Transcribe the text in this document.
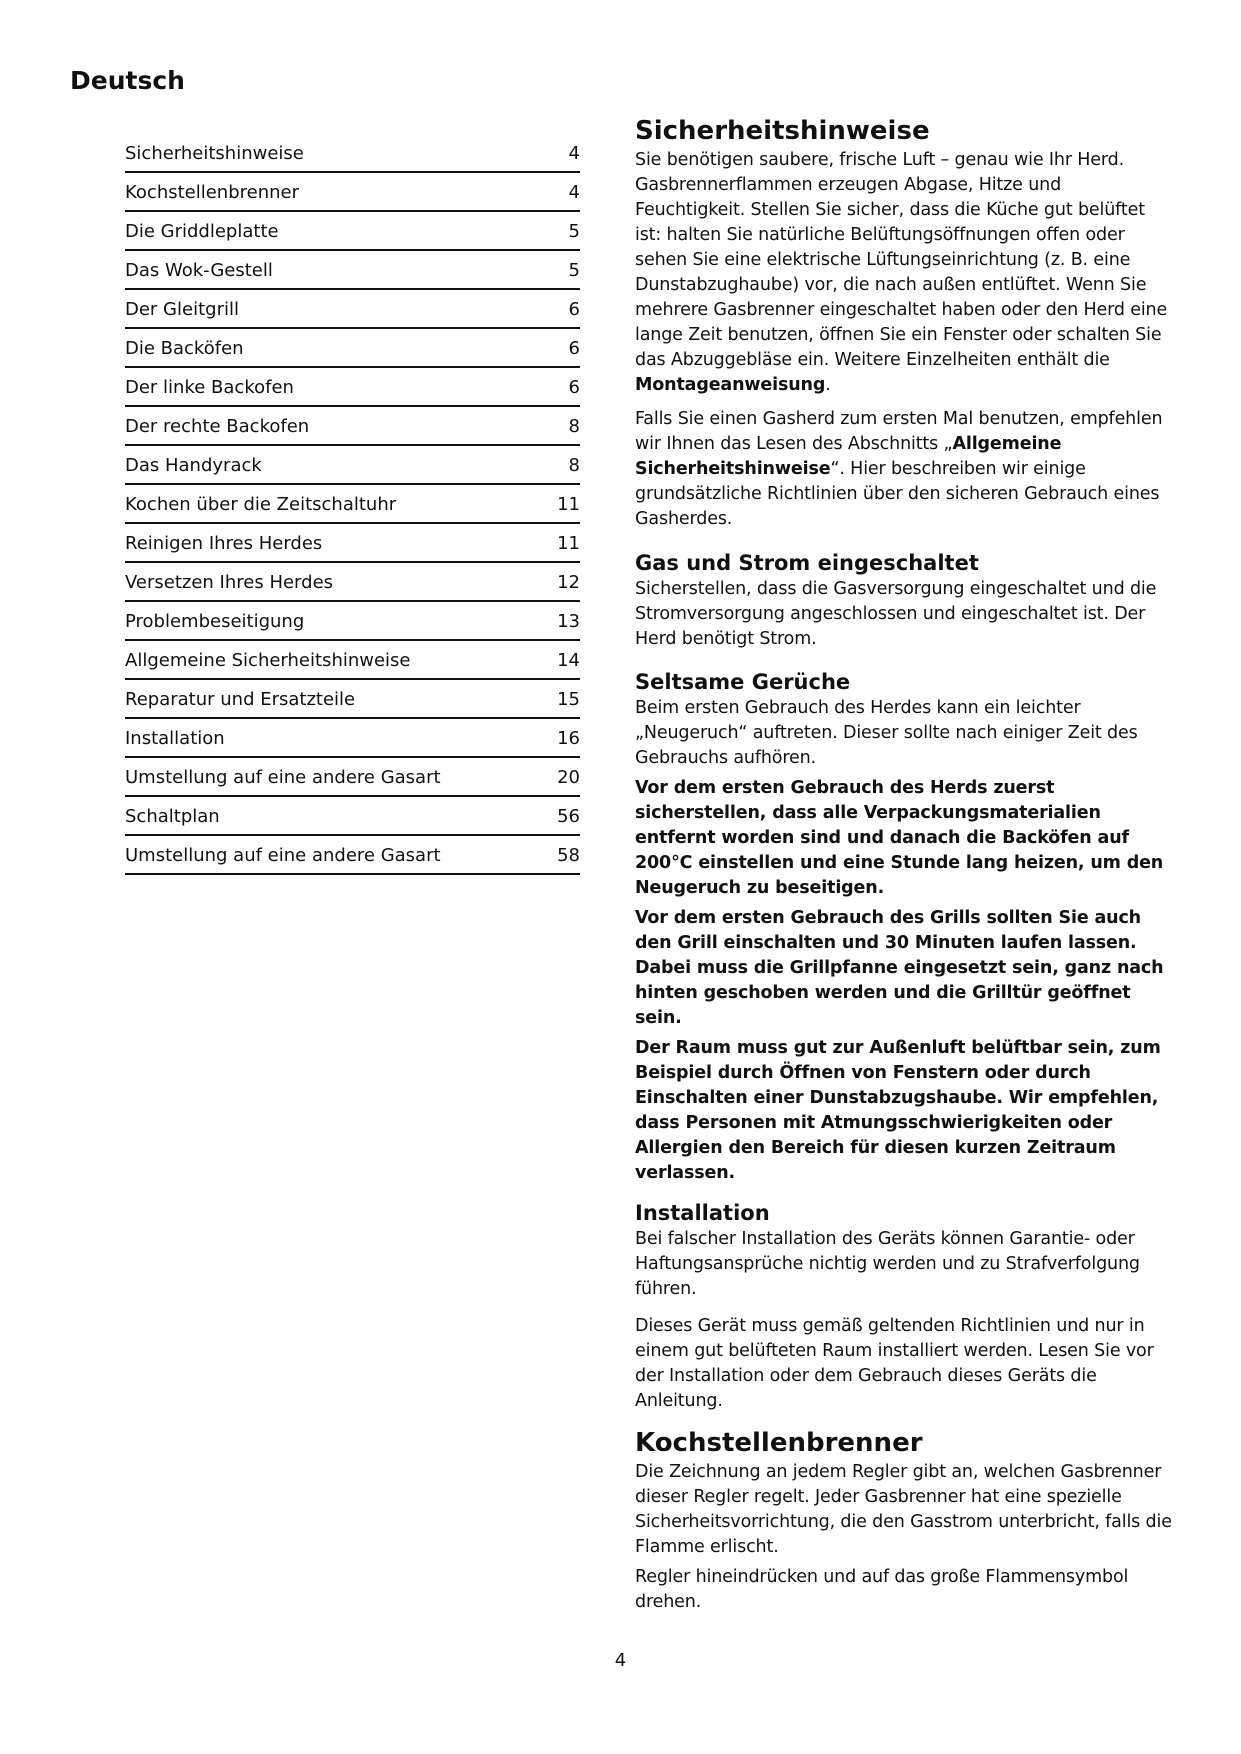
Deutsch
Sicherheitshinweise	4
Kochstellenbrenner	4
Die Griddleplatte	5
Das Wok-Gestell	5
Der Gleitgrill	6
Die Backöfen	6
Der linke Backofen	6
Der rechte Backofen	8
Das Handyrack	8
Kochen über die Zeitschaltuhr	11
Reinigen Ihres Herdes	11
Versetzen Ihres Herdes	12
Problembeseitigung	13
Allgemeine Sicherheitshinweise	14
Reparatur und Ersatzteile	15
Installation	16
Umstellung auf eine andere Gasart	20
Schaltplan	56
Umstellung auf eine andere Gasart	58
Sicherheitshinweise

Sie benötigen saubere, frische Luft – genau wie Ihr Herd. Gasbrennerflammen erzeugen Abgase, Hitze und Feuchtigkeit. Stellen Sie sicher, dass die Küche gut belüftet ist: halten Sie natürliche Belüftungsöffnungen offen oder sehen Sie eine elektrische Lüftungseinrichtung (z. B. eine Dunstabzughaube) vor, die nach außen entlüftet. Wenn Sie mehrere Gasbrenner eingeschaltet haben oder den Herd eine lange Zeit benutzen, öffnen Sie ein Fenster oder schalten Sie das Abzuggebläse ein. Weitere Einzelheiten enthält die Montageanweisung.

Falls Sie einen Gasherd zum ersten Mal benutzen, empfehlen wir Ihnen das Lesen des Abschnitts „Allgemeine Sicherheitshinweise“. Hier beschreiben wir einige grundsätzliche Richtlinien über den sicheren Gebrauch eines Gasherdes.

Gas und Strom eingeschaltet

Sicherstellen, dass die Gasversorgung eingeschaltet und die Stromversorgung angeschlossen und eingeschaltet ist. Der Herd benötigt Strom.

Seltsame Gerüche

Beim ersten Gebrauch des Herdes kann ein leichter „Neugeruch“ auftreten. Dieser sollte nach einiger Zeit des Gebrauchs aufhören.

Vor dem ersten Gebrauch des Herds zuerst sicherstellen, dass alle Verpackungsmaterialien entfernt worden sind und danach die Backöfen auf 200°C einstellen und eine Stunde lang heizen, um den Neugeruch zu beseitigen.

Vor dem ersten Gebrauch des Grills sollten Sie auch den Grill einschalten und 30 Minuten laufen lassen. Dabei muss die Grillpfanne eingesetzt sein, ganz nach hinten geschoben werden und die Grilltür geöffnet sein.

Der Raum muss gut zur Außenluft belüftbar sein, zum Beispiel durch Öffnen von Fenstern oder durch Einschalten einer Dunstabzugshaube. Wir empfehlen, dass Personen mit Atmungsschwierigkeiten oder Allergien den Bereich für diesen kurzen Zeitraum verlassen.

Installation

Bei falscher Installation des Geräts können Garantie- oder Haftungsansprüche nichtig werden und zu Strafverfolgung führen.

Dieses Gerät muss gemäß geltenden Richtlinien und nur in einem gut belüfteten Raum installiert werden. Lesen Sie vor der Installation oder dem Gebrauch dieses Geräts die Anleitung.

Kochstellenbrenner

Die Zeichnung an jedem Regler gibt an, welchen Gasbrenner dieser Regler regelt. Jeder Gasbrenner hat eine spezielle Sicherheitsvorrichtung, die den Gasstrom unterbricht, falls die Flamme erlischt.

Regler hineindrücken und auf das große Flammensymbol drehen.

4
